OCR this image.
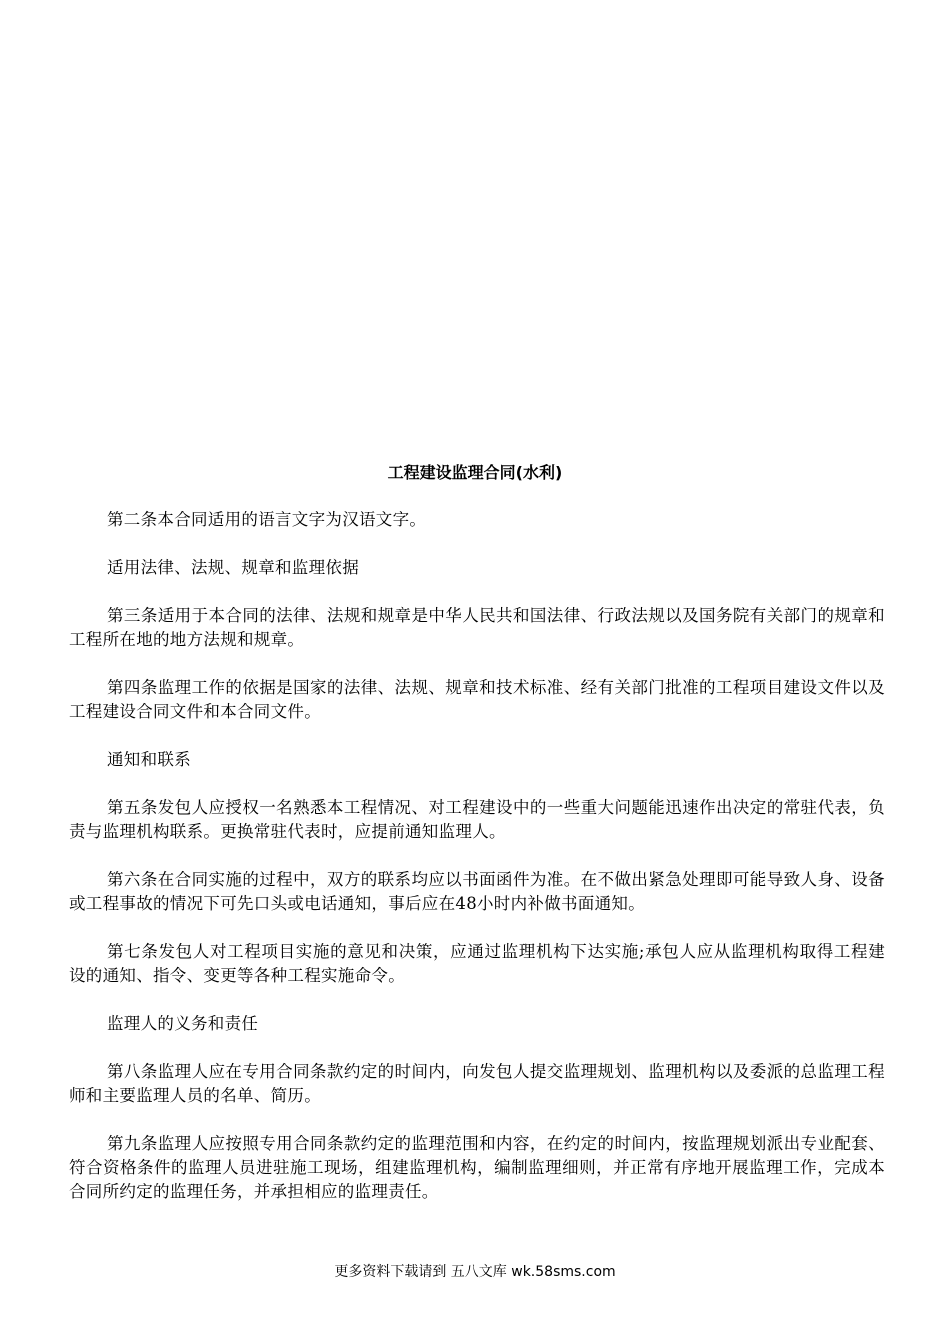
工程建设监理合同(水利)

第二条本合同适用的语言文字为汉语文字。

适用法律、法规、规章和监理依据

第三条适用于本合同的法律、法规和规章是中华人民共和国法律、行政法规以及国务院有关部门的规章和工程所在地的地方法规和规章。

第四条监理工作的依据是国家的法律、法规、规章和技术标准、经有关部门批准的工程项目建设文件以及工程建设合同文件和本合同文件。

通知和联系

第五条发包人应授权一名熟悉本工程情况、对工程建设中的一些重大问题能迅速作出决定的常驻代表，负责与监理机构联系。更换常驻代表时，应提前通知监理人。

第六条在合同实施的过程中，双方的联系均应以书面函件为准。在不做出紧急处理即可能导致人身、设备或工程事故的情况下可先口头或电话通知，事后应在48小时内补做书面通知。

第七条发包人对工程项目实施的意见和决策，应通过监理机构下达实施;承包人应从监理机构取得工程建设的通知、指令、变更等各种工程实施命令。

监理人的义务和责任

第八条监理人应在专用合同条款约定的时间内，向发包人提交监理规划、监理机构以及委派的总监理工程师和主要监理人员的名单、简历。

第九条监理人应按照专用合同条款约定的监理范围和内容，在约定的时间内，按监理规划派出专业配套、符合资格条件的监理人员进驻施工现场，组建监理机构，编制监理细则，并正常有序地开展监理工作，完成本合同所约定的监理任务，并承担相应的监理责任。

更多资料下载请到 五八文库 wk.58sms.com
